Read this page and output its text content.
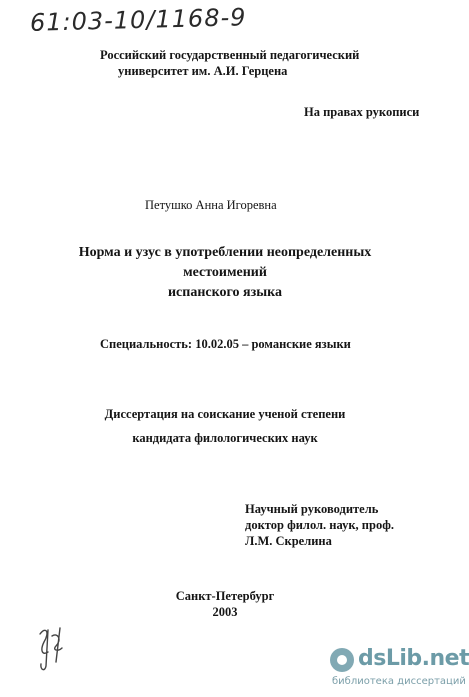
61:03-10/1168-9
Российский государственный педагогический
университет им. А.И. Герцена
На правах рукописи
Петушко Анна Игоревна
Норма и узус в употреблении неопределенных местоимений
испанского языка
Специальность: 10.02.05 – романские языки
Диссертация на соискание ученой степени
кандидата филологических наук
Научный руководитель
доктор филол. наук, проф.
Л.М. Скрелина
Санкт-Петербург
2003
dsLib.net
библиотека диссертаций
